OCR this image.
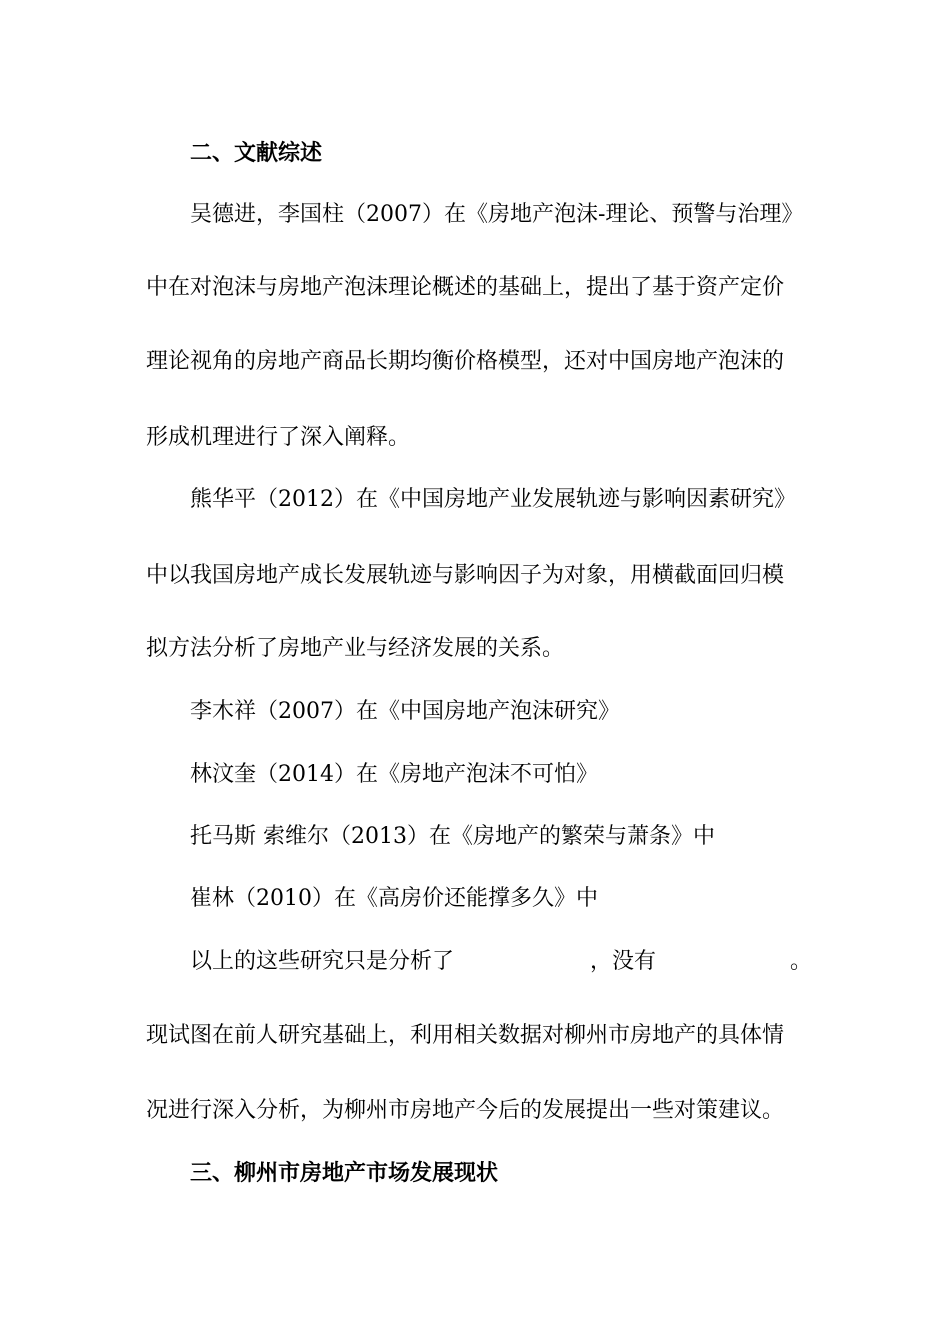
二、文献综述
吴德进，李国柱（2007）在《房地产泡沫-理论、预警与治理》
中在对泡沫与房地产泡沫理论概述的基础上，提出了基于资产定价
理论视角的房地产商品长期均衡价格模型，还对中国房地产泡沫的
形成机理进行了深入阐释。
熊华平（2012）在《中国房地产业发展轨迹与影响因素研究》
中以我国房地产成长发展轨迹与影响因子为对象，用横截面回归模
拟方法分析了房地产业与经济发展的关系。
李木祥（2007）在《中国房地产泡沫研究》
林汶奎（2014）在《房地产泡沫不可怕》
托马斯 索维尔（2013）在《房地产的繁荣与萧条》中
崔林（2010）在《高房价还能撑多久》中
以上的这些研究只是分析了	，没有	。
现试图在前人研究基础上，利用相关数据对柳州市房地产的具体情
况进行深入分析，为柳州市房地产今后的发展提出一些对策建议。
三、柳州市房地产市场发展现状
